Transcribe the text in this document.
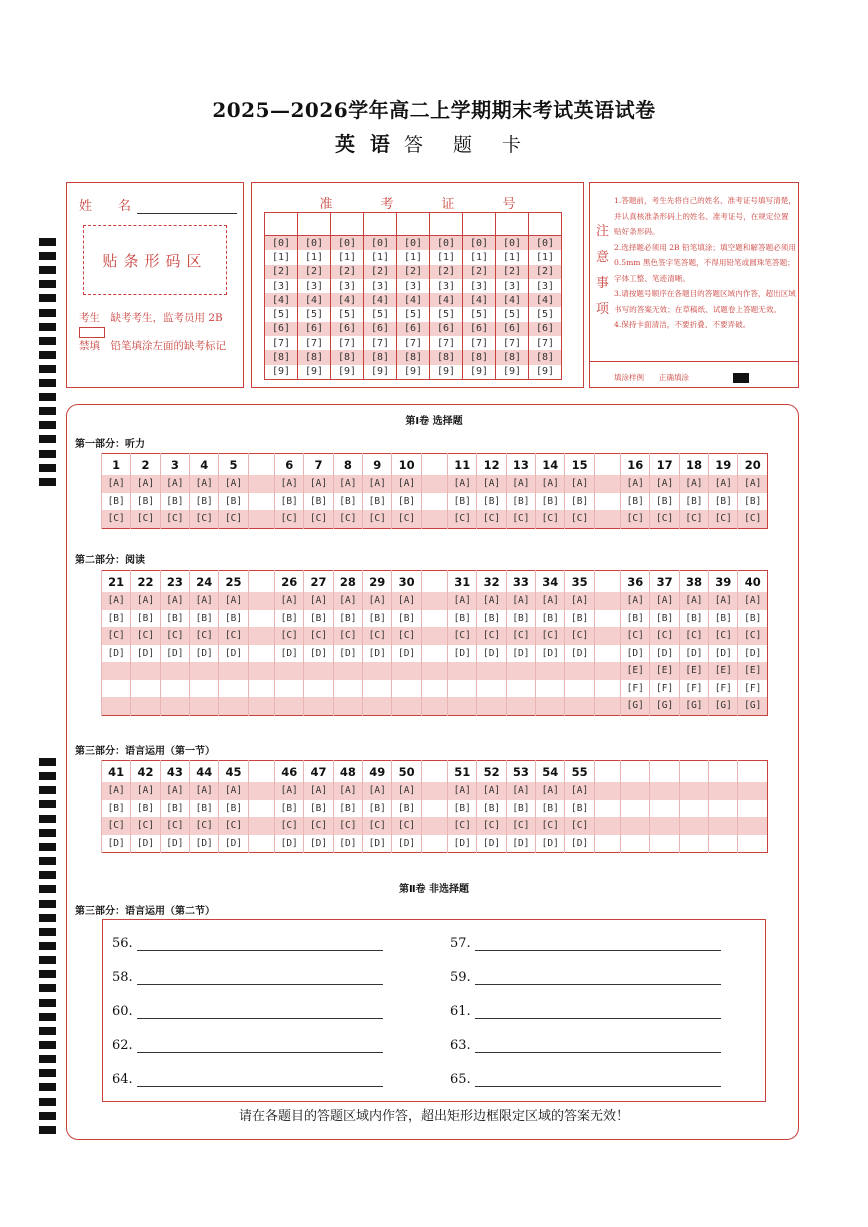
2025—2026学年高二上学期期末考试英语试卷
英 语 答 题 卡
姓　　名
贴条形码区
考生　缺考考生，监考员用 2B
禁填　铅笔填涂左面的缺考标记
准	考	证	号

[0]	[0]	[0]	[0]	[0]	[0]	[0]	[0]	[0]
[1]	[1]	[1]	[1]	[1]	[1]	[1]	[1]	[1]
[2]	[2]	[2]	[2]	[2]	[2]	[2]	[2]	[2]
[3]	[3]	[3]	[3]	[3]	[3]	[3]	[3]	[3]
[4]	[4]	[4]	[4]	[4]	[4]	[4]	[4]	[4]
[5]	[5]	[5]	[5]	[5]	[5]	[5]	[5]	[5]
[6]	[6]	[6]	[6]	[6]	[6]	[6]	[6]	[6]
[7]	[7]	[7]	[7]	[7]	[7]	[7]	[7]	[7]
[8]	[8]	[8]	[8]	[8]	[8]	[8]	[8]	[8]
[9]	[9]	[9]	[9]	[9]	[9]	[9]	[9]	[9]
注
意
事
项
1.答题前，考生先将自己的姓名、准考证号填写清楚，并认真核准条形码上的姓名、准考证号，在规定位置贴好条形码。
2.选择题必须用 2B 铅笔填涂；填空题和解答题必须用 0.5mm 黑色签字笔答题，不得用铅笔或圆珠笔答题；字体工整、笔迹清晰。
3.请按题号顺序在各题目的答题区域内作答，超出区域书写的答案无效；在草稿纸、试题卷上答题无效。
4.保持卡面清洁，不要折叠、不要弄破。
填涂样例　　正确填涂
第Ⅰ卷 选择题
第一部分：听力
1	2	3	4	5		6	7	8	9	10		11	12	13	14	15		16	17	18	19	20
[A]	[A]	[A]	[A]	[A]		[A]	[A]	[A]	[A]	[A]		[A]	[A]	[A]	[A]	[A]		[A]	[A]	[A]	[A]	[A]
[B]	[B]	[B]	[B]	[B]		[B]	[B]	[B]	[B]	[B]		[B]	[B]	[B]	[B]	[B]		[B]	[B]	[B]	[B]	[B]
[C]	[C]	[C]	[C]	[C]		[C]	[C]	[C]	[C]	[C]		[C]	[C]	[C]	[C]	[C]		[C]	[C]	[C]	[C]	[C]
第二部分：阅读
21	22	23	24	25		26	27	28	29	30		31	32	33	34	35		36	37	38	39	40
[A]	[A]	[A]	[A]	[A]		[A]	[A]	[A]	[A]	[A]		[A]	[A]	[A]	[A]	[A]		[A]	[A]	[A]	[A]	[A]
[B]	[B]	[B]	[B]	[B]		[B]	[B]	[B]	[B]	[B]		[B]	[B]	[B]	[B]	[B]		[B]	[B]	[B]	[B]	[B]
[C]	[C]	[C]	[C]	[C]		[C]	[C]	[C]	[C]	[C]		[C]	[C]	[C]	[C]	[C]		[C]	[C]	[C]	[C]	[C]
[D]	[D]	[D]	[D]	[D]		[D]	[D]	[D]	[D]	[D]		[D]	[D]	[D]	[D]	[D]		[D]	[D]	[D]	[D]	[D]
																		[E]	[E]	[E]	[E]	[E]
																		[F]	[F]	[F]	[F]	[F]
																		[G]	[G]	[G]	[G]	[G]
第三部分：语言运用（第一节）
41	42	43	44	45		46	47	48	49	50		51	52	53	54	55						
[A]	[A]	[A]	[A]	[A]		[A]	[A]	[A]	[A]	[A]		[A]	[A]	[A]	[A]	[A]						
[B]	[B]	[B]	[B]	[B]		[B]	[B]	[B]	[B]	[B]		[B]	[B]	[B]	[B]	[B]						
[C]	[C]	[C]	[C]	[C]		[C]	[C]	[C]	[C]	[C]		[C]	[C]	[C]	[C]	[C]						
[D]	[D]	[D]	[D]	[D]		[D]	[D]	[D]	[D]	[D]		[D]	[D]	[D]	[D]	[D]						
第Ⅱ卷 非选择题
第三部分：语言运用（第二节）
56.	57.
58.	59.
60.	61.
62.	63.
64.	65.
请在各题目的答题区域内作答，超出矩形边框限定区域的答案无效！
